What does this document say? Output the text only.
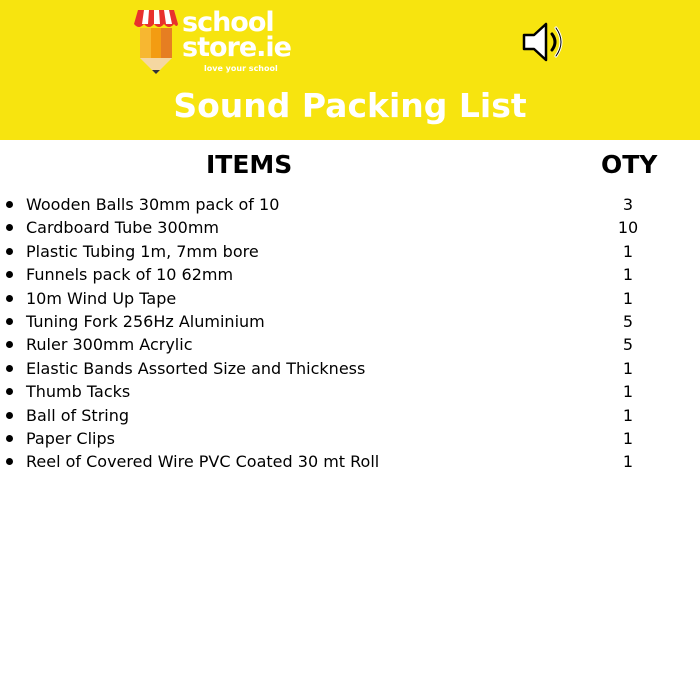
school
store.ie
love your school
Sound Packing List
ITEMS	OTY
Wooden Balls 30mm pack of 10	3
Cardboard Tube 300mm	10
Plastic Tubing 1m, 7mm bore	1
Funnels pack of 10 62mm	1
10m Wind Up Tape	1
Tuning Fork 256Hz Aluminium	5
Ruler 300mm Acrylic	5
Elastic Bands Assorted Size and Thickness	1
Thumb Tacks	1
Ball of String	1
Paper Clips	1
Reel of Covered Wire PVC Coated 30 mt Roll	1
